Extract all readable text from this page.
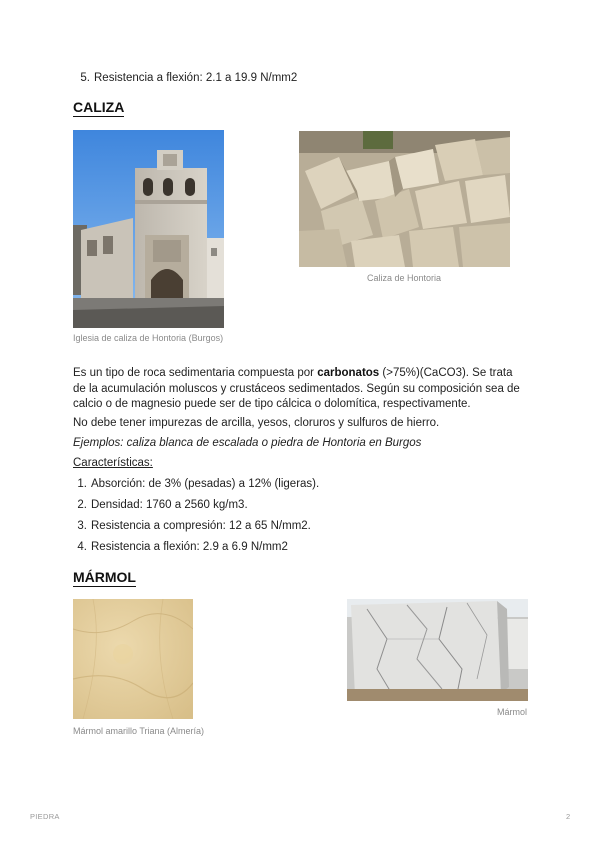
5. Resistencia a flexión: 2.1 a 19.9 N/mm2
CALIZA
Iglesia de caliza de Hontoria (Burgos)
Caliza de Hontoria
Es un tipo de roca sedimentaria compuesta por carbonatos (>75%)(CaCO3). Se trata de la acumulación moluscos y crustáceos sedimentados. Según su composición sea de calcio o de magnesio puede ser de tipo cálcica o dolomítica, respectivamente.
No debe tener impurezas de arcilla, yesos, cloruros y sulfuros de hierro.
Ejemplos: caliza blanca de escalada o piedra de Hontoria en Burgos
Características:
1. Absorción: de 3% (pesadas) a 12% (ligeras).
2. Densidad: 1760 a 2560 kg/m3.
3. Resistencia a compresión: 12 a 65 N/mm2.
4. Resistencia a flexión: 2.9 a 6.9 N/mm2
MÁRMOL
Mármol amarillo Triana (Almería)
Mármol
PIEDRA	2
